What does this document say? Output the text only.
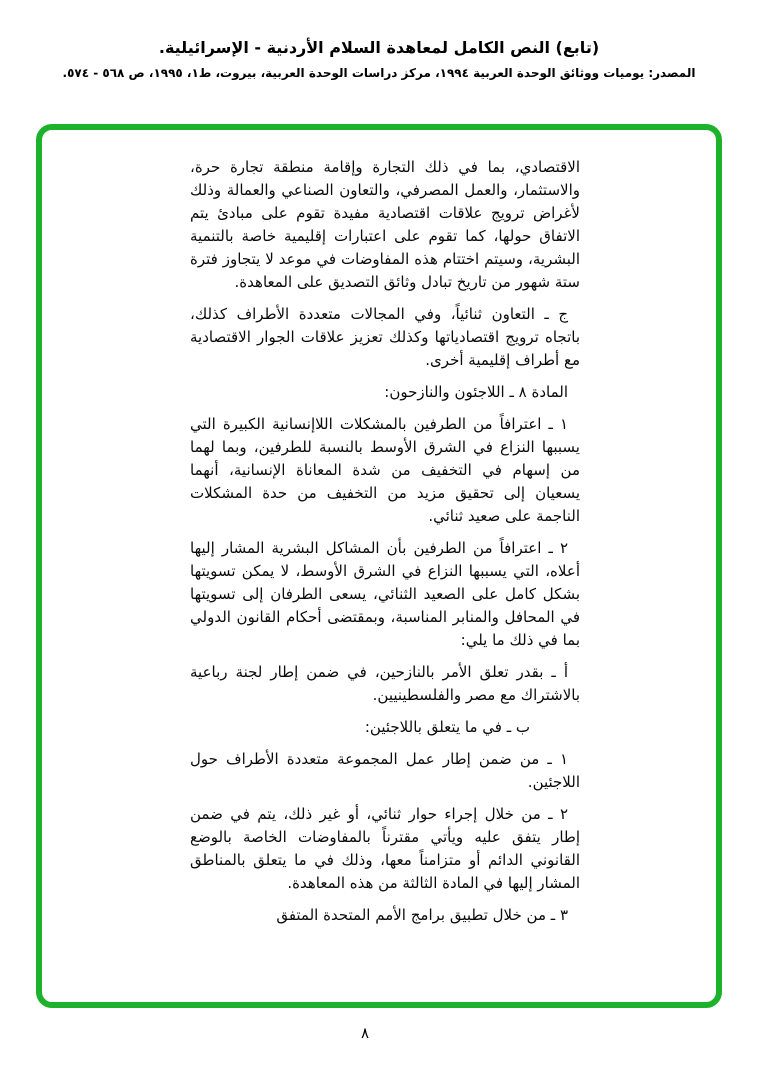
(تابع) النص الكامل لمعاهدة السلام الأردنية - الإسرائيلية.
المصدر: يوميات ووثائق الوحدة العربية ١٩٩٤، مركز دراسات الوحدة العربية، بيروت، ط١، ١٩٩٥، ص ٥٦٨ - ٥٧٤.

الاقتصادي، بما في ذلك التجارة وإقامة منطقة تجارة حرة، والاستثمار، والعمل المصرفي، والتعاون الصناعي والعمالة وذلك لأغراض ترويج علاقات اقتصادية مفيدة تقوم على مبادئ يتم الاتفاق حولها، كما تقوم على اعتبارات إقليمية خاصة بالتنمية البشرية، وسيتم اختتام هذه المفاوضات في موعد لا يتجاوز فترة ستة شهور من تاريخ تبادل وثائق التصديق على المعاهدة.

ج ـ التعاون ثنائياً، وفي المجالات متعددة الأطراف كذلك، باتجاه ترويج اقتصادياتها وكذلك تعزيز علاقات الجوار الاقتصادية مع أطراف إقليمية أخرى.

المادة ٨ ـ اللاجئون والنازحون:

١ ـ اعترافاً من الطرفين بالمشكلات اللاإنسانية الكبيرة التي يسببها النزاع في الشرق الأوسط بالنسبة للطرفين، وبما لهما من إسهام في التخفيف من شدة المعاناة الإنسانية، أنهما يسعيان إلى تحقيق مزيد من التخفيف من حدة المشكلات الناجمة على صعيد ثنائي.

٢ ـ اعترافاً من الطرفين بأن المشاكل البشرية المشار إليها أعلاه، التي يسببها النزاع في الشرق الأوسط، لا يمكن تسويتها بشكل كامل على الصعيد الثنائي، يسعى الطرفان إلى تسويتها في المحافل والمنابر المناسبة، وبمقتضى أحكام القانون الدولي بما في ذلك ما يلي:

أ ـ بقدر تعلق الأمر بالنازحين، في ضمن إطار لجنة رباعية بالاشتراك مع مصر والفلسطينيين.

ب ـ في ما يتعلق باللاجئين:

١ ـ من ضمن إطار عمل المجموعة متعددة الأطراف حول اللاجئين.

٢ ـ من خلال إجراء حوار ثنائي، أو غير ذلك، يتم في ضمن إطار يتفق عليه ويأتي مقترناً بالمفاوضات الخاصة بالوضع القانوني الدائم أو متزامناً معها، وذلك في ما يتعلق بالمناطق المشار إليها في المادة الثالثة من هذه المعاهدة.

٣ ـ من خلال تطبيق برامج الأمم المتحدة المتفق

٨
